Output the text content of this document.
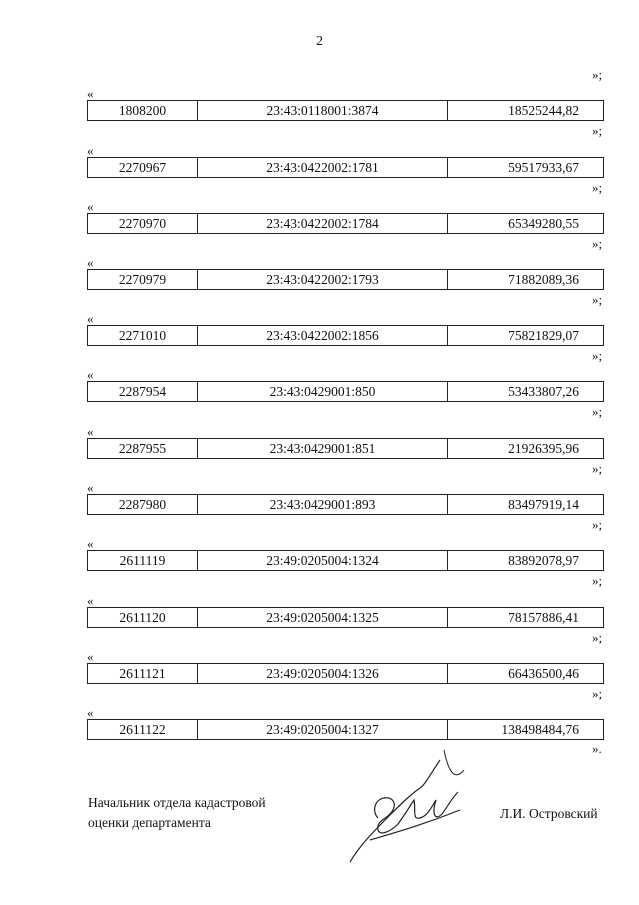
2
»;
«
1808200	23:43:0118001:3874	18525244,82
»;
«
2270967	23:43:0422002:1781	59517933,67
»;
«
2270970	23:43:0422002:1784	65349280,55
»;
«
2270979	23:43:0422002:1793	71882089,36
»;
«
2271010	23:43:0422002:1856	75821829,07
»;
«
2287954	23:43:0429001:850	53433807,26
»;
«
2287955	23:43:0429001:851	21926395,96
»;
«
2287980	23:43:0429001:893	83497919,14
»;
«
2611119	23:49:0205004:1324	83892078,97
»;
«
2611120	23:49:0205004:1325	78157886,41
»;
«
2611121	23:49:0205004:1326	66436500,46
»;
«
2611122	23:49:0205004:1327	138498484,76
».
Начальник отдела кадастровой
оценки департамента
Л.И. Островский
